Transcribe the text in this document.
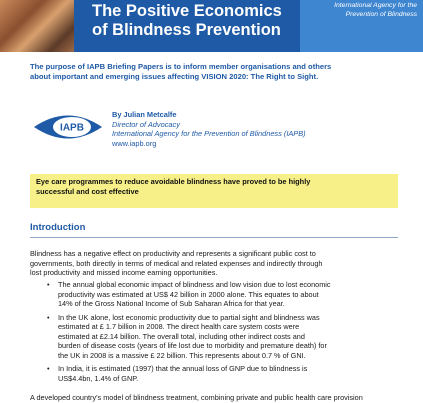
The Positive Economics
of Blindness Prevention
International Agency for the
Prevention of Blindness
The purpose of IAPB Briefing Papers is to inform member organisations and others
about important and emerging issues affecting VISION 2020: The Right to Sight.
IAPB
By Julian Metcalfe
Director of Advocacy
International Agency for the Prevention of Blindness (IAPB)
www.iapb.org
Eye care programmes to reduce avoidable blindness have proved to be highly
successful and cost effective
Introduction
Blindness has a negative effect on productivity and represents a significant public cost to
governments, both directly in terms of medical and related expenses and indirectly through
lost productivity and missed income earning opportunities.
• The annual global economic impact of blindness and low vision due to lost economic
productivity was estimated at US$ 42 billion in 2000 alone. This equates to about
14% of the Gross National Income of Sub Saharan Africa for that year.
• In the UK alone, lost economic productivity due to partial sight and blindness was
estimated at £ 1.7 billion in 2008. The direct health care system costs were
estimated at £2.14 billion. The overall total, including other indirect costs and
burden of disease costs (years of life lost due to morbidity and premature death) for
the UK in 2008 is a massive £ 22 billion. This represents about 0.7 % of GNI.
• In India, it is estimated (1997) that the annual loss of GNP due to blindness is
US$4.4bn, 1.4% of GNP.
A developed country's model of blindness treatment, combining private and public health care provision
